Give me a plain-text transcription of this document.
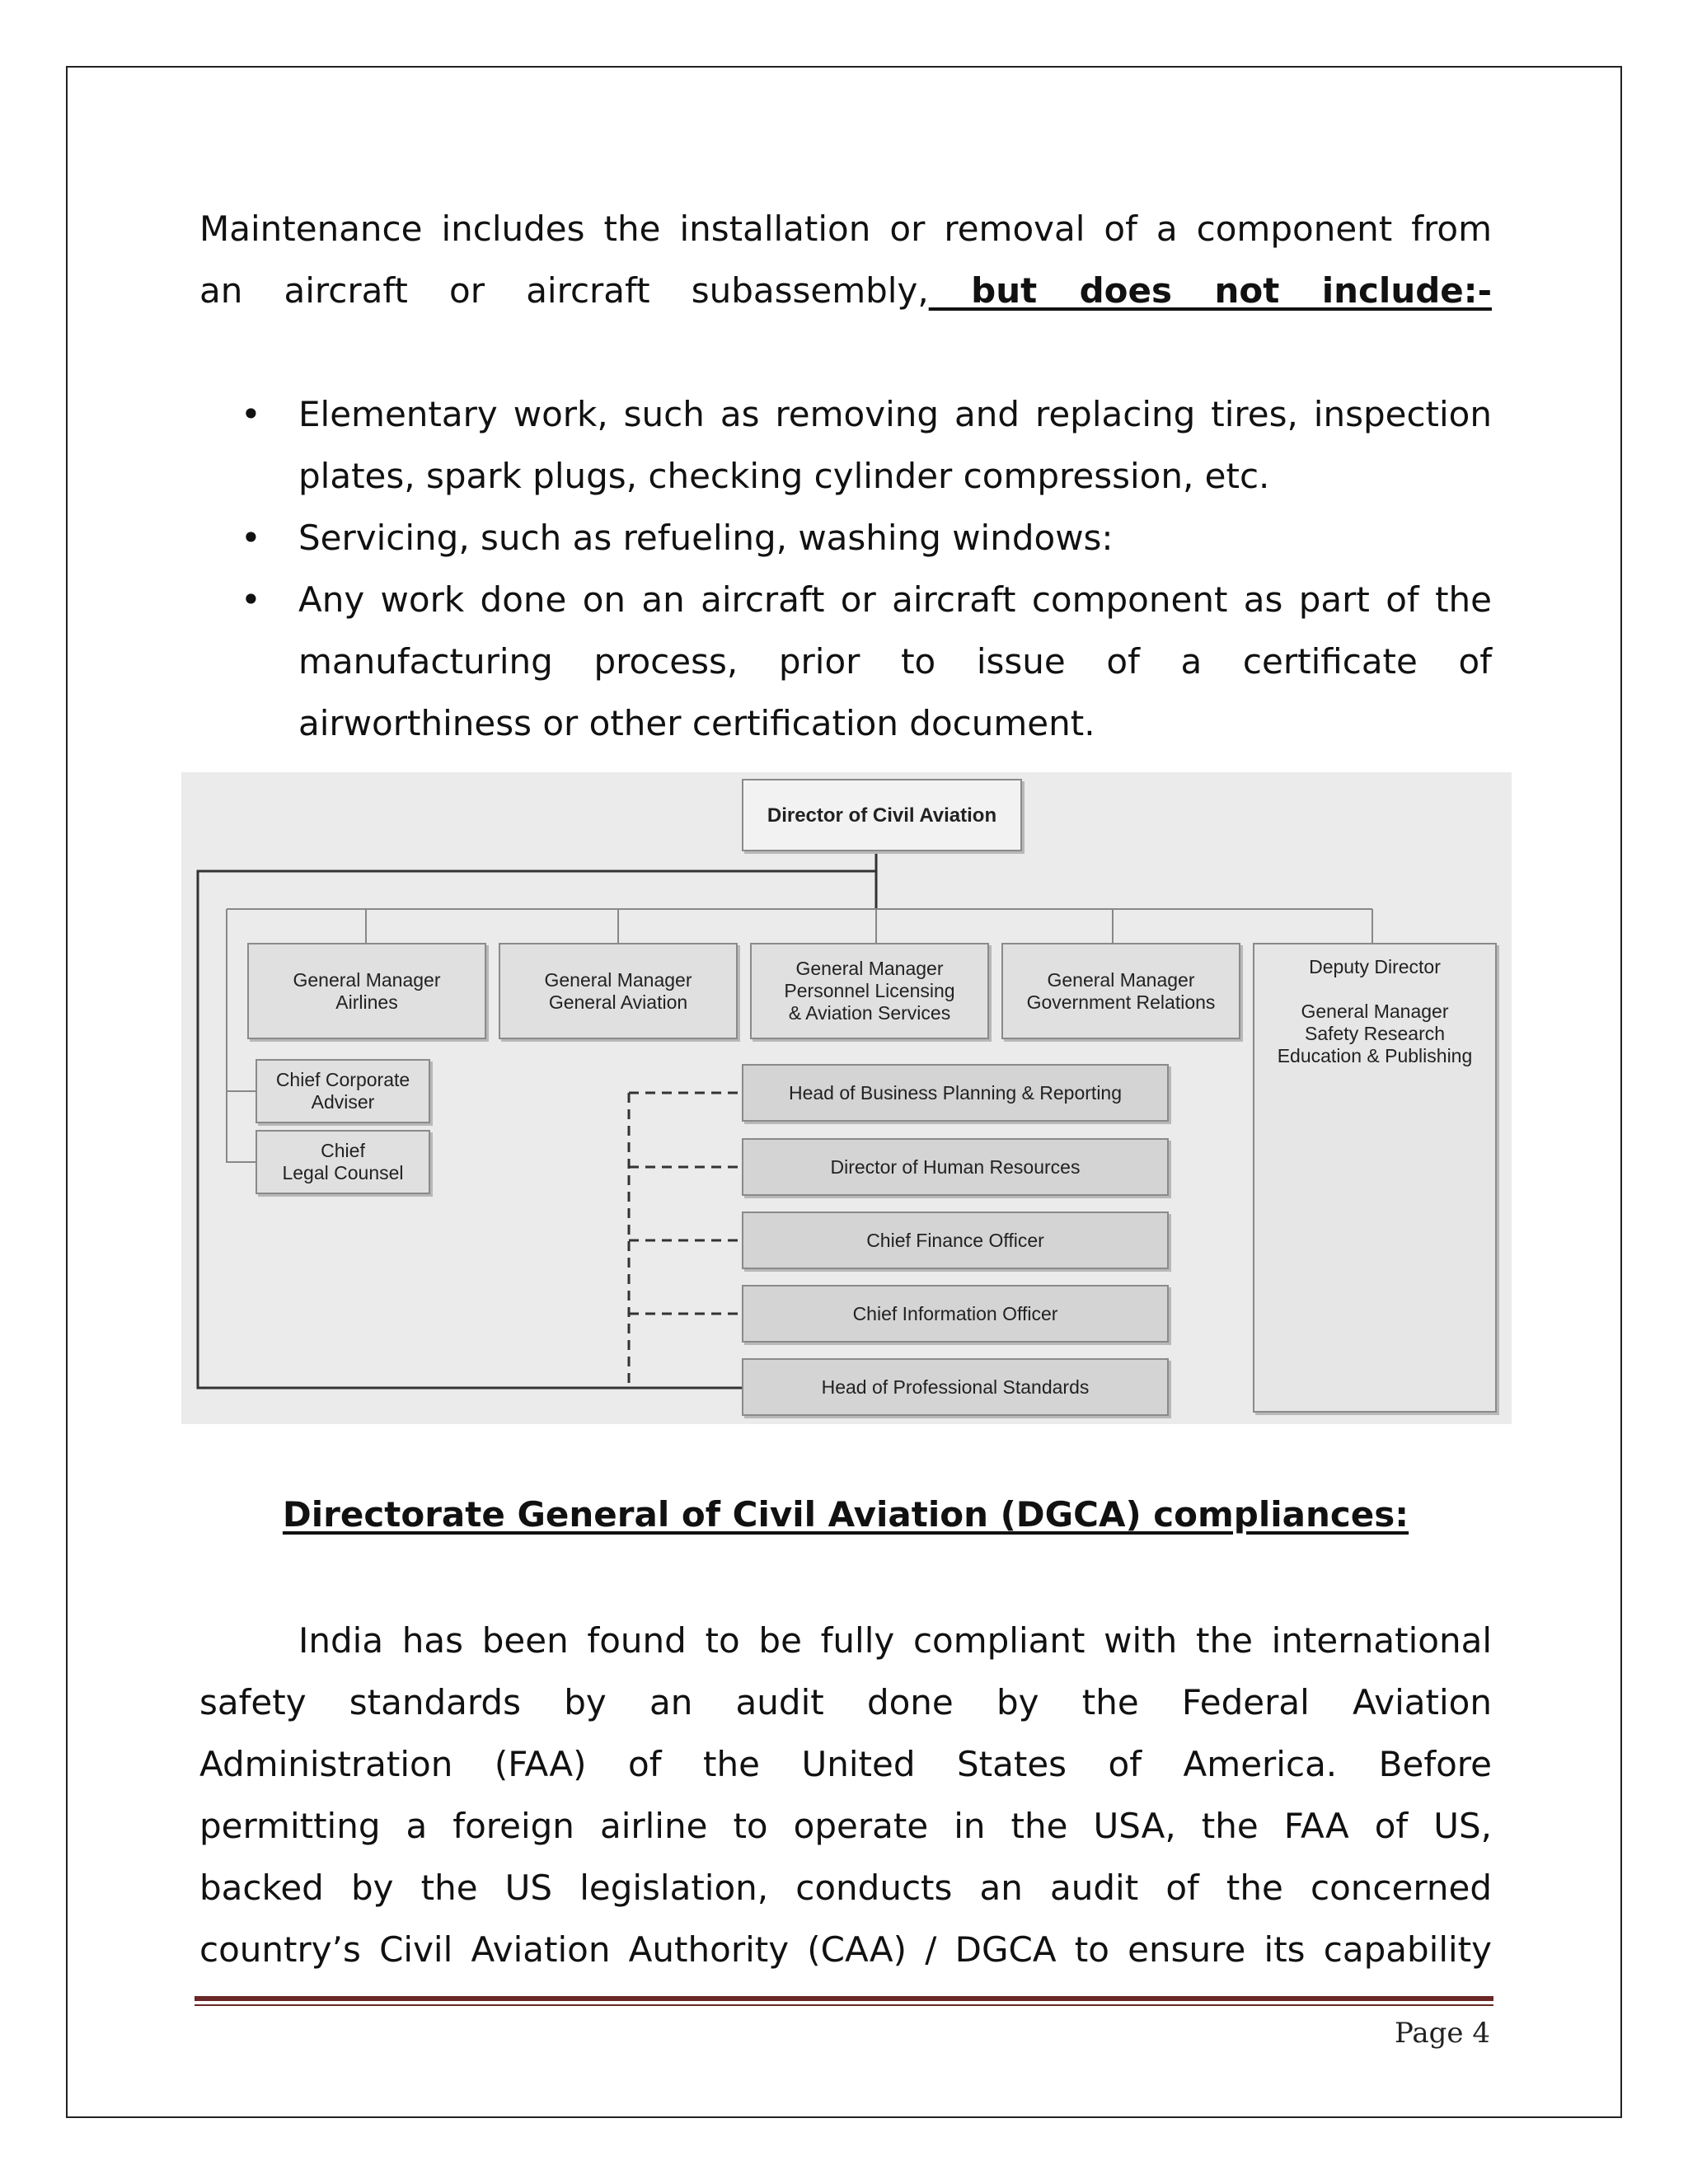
Maintenance includes the installation or removal of a component from
an aircraft or aircraft subassembly, but does not include:-
• Elementary work, such as removing and replacing tires, inspection plates, spark plugs, checking cylinder compression, etc.
• Servicing, such as refueling, washing windows:
• Any work done on an aircraft or aircraft component as part of the manufacturing process, prior to issue of a certificate of airworthiness or other certification document.
Director of Civil Aviation
General Manager
Airlines
General Manager
General Aviation
General Manager
Personnel Licensing
& Aviation Services
General Manager
Government Relations
Deputy Director

General Manager
Safety Research
Education & Publishing
Chief Corporate
Adviser
Chief
Legal Counsel
Head of Business Planning & Reporting
Director of Human Resources
Chief Finance Officer
Chief Information Officer
Head of Professional Standards
Directorate General of Civil Aviation (DGCA) compliances:
India has been found to be fully compliant with the international
safety standards by an audit done by the Federal Aviation
Administration (FAA) of the United States of America. Before
permitting a foreign airline to operate in the USA, the FAA of US,
backed by the US legislation, conducts an audit of the concerned
country’s Civil Aviation Authority (CAA) / DGCA to ensure its capability
Page 4
